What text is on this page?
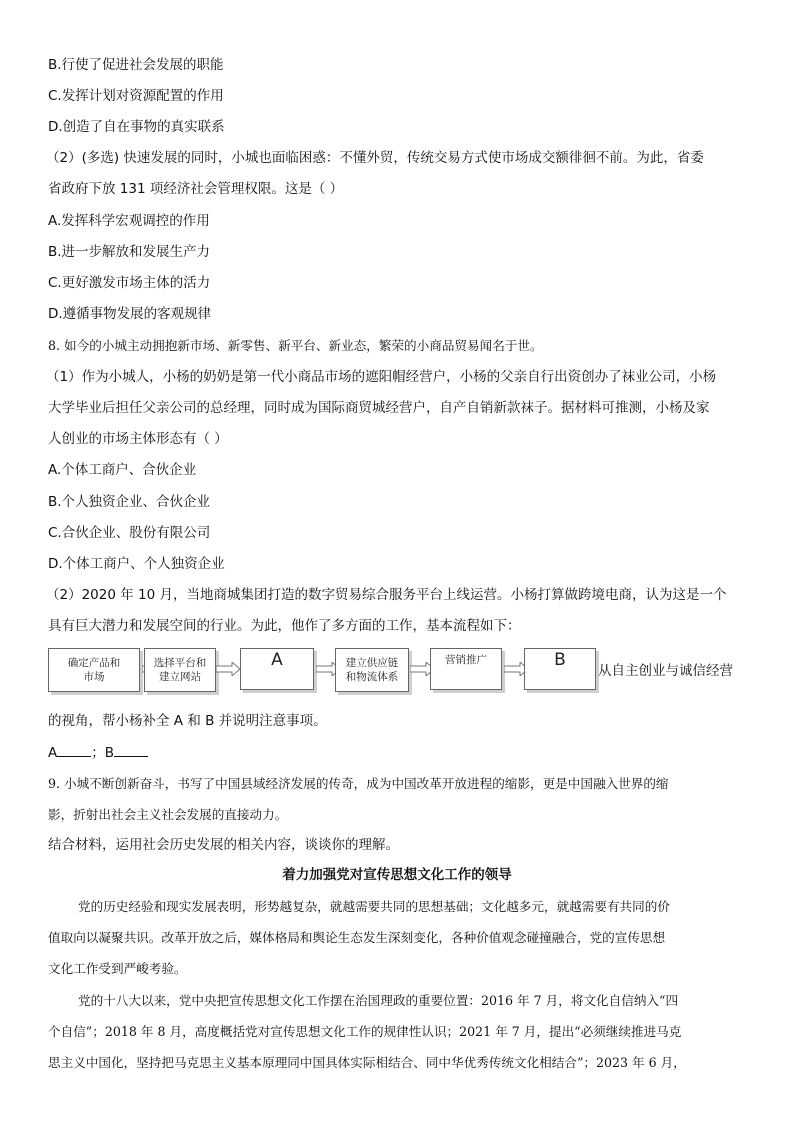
B.行使了促进社会发展的职能
C.发挥计划对资源配置的作用
D.创造了自在事物的真实联系
（2）(多选) 快速发展的同时，小城也面临困惑：不懂外贸，传统交易方式使市场成交额徘徊不前。为此，省委
省政府下放 131 项经济社会管理权限。这是（ ）
A.发挥科学宏观调控的作用
B.进一步解放和发展生产力
C.更好激发市场主体的活力
D.遵循事物发展的客观规律
8. 如今的小城主动拥抱新市场、新零售、新平台、新业态，繁荣的小商品贸易闻名于世。
（1）作为小城人，小杨的奶奶是第一代小商品市场的遮阳帽经营户，小杨的父亲自行出资创办了袜业公司，小杨
大学毕业后担任父亲公司的总经理，同时成为国际商贸城经营户，自产自销新款袜子。据材料可推测，小杨及家
人创业的市场主体形态有（ ）
A.个体工商户、合伙企业
B.个人独资企业、合伙企业
C.合伙企业、股份有限公司
D.个体工商户、个人独资企业
（2）2020 年 10 月，当地商城集团打造的数字贸易综合服务平台上线运营。小杨打算做跨境电商，认为这是一个
具有巨大潜力和发展空间的行业。为此，他作了多方面的工作，基本流程如下：
确定产品和
市场
选择平台和
建立网站
A	建立供应链
和物流体系
营销推广	B
从自主创业与诚信经营
的视角，帮小杨补全 A 和 B 并说明注意事项。
A	；B
9. 小城不断创新奋斗，书写了中国县域经济发展的传奇，成为中国改革开放进程的缩影，更是中国融入世界的缩
影，折射出社会主义社会发展的直接动力。
结合材料，运用社会历史发展的相关内容，谈谈你的理解。
着力加强党对宣传思想文化工作的领导
党的历史经验和现实发展表明，形势越复杂，就越需要共同的思想基础；文化越多元，就越需要有共同的价
值取向以凝聚共识。改革开放之后，媒体格局和舆论生态发生深刻变化，各种价值观念碰撞融合，党的宣传思想
文化工作受到严峻考验。
党的十八大以来，党中央把宣传思想文化工作摆在治国理政的重要位置：2016 年 7 月，将文化自信纳入“四
个自信”；2018 年 8 月，高度概括党对宣传思想文化工作的规律性认识；2021 年 7 月，提出“必须继续推进马克
思主义中国化，坚持把马克思主义基本原理同中国具体实际相结合、同中华优秀传统文化相结合”；2023 年 6 月，
